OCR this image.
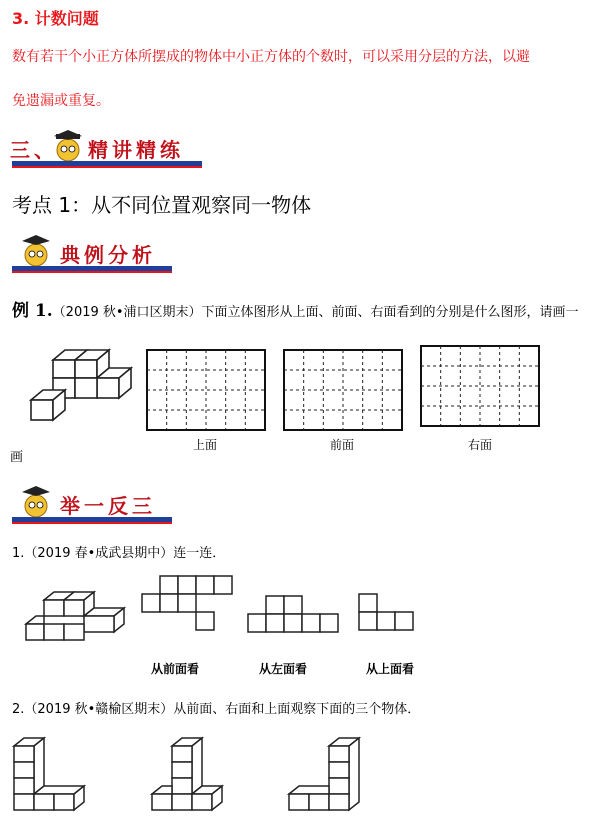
3. 计数问题
数有若干个小正方体所摆成的物体中小正方体的个数时，可以采用分层的方法，以避
免遗漏或重复。
三、 精讲精练
考点 1：从不同位置观察同一物体
典例分析
例 1.（2019 秋•浦口区期末）下面立体图形从上面、前面、右面看到的分别是什么图形，请画一
上面	前面	右面
画
举一反三
1.（2019 春•成武县期中）连一连．
从前面看	从左面看	从上面看
2.（2019 秋•赣榆区期末）从前面、右面和上面观察下面的三个物体．
